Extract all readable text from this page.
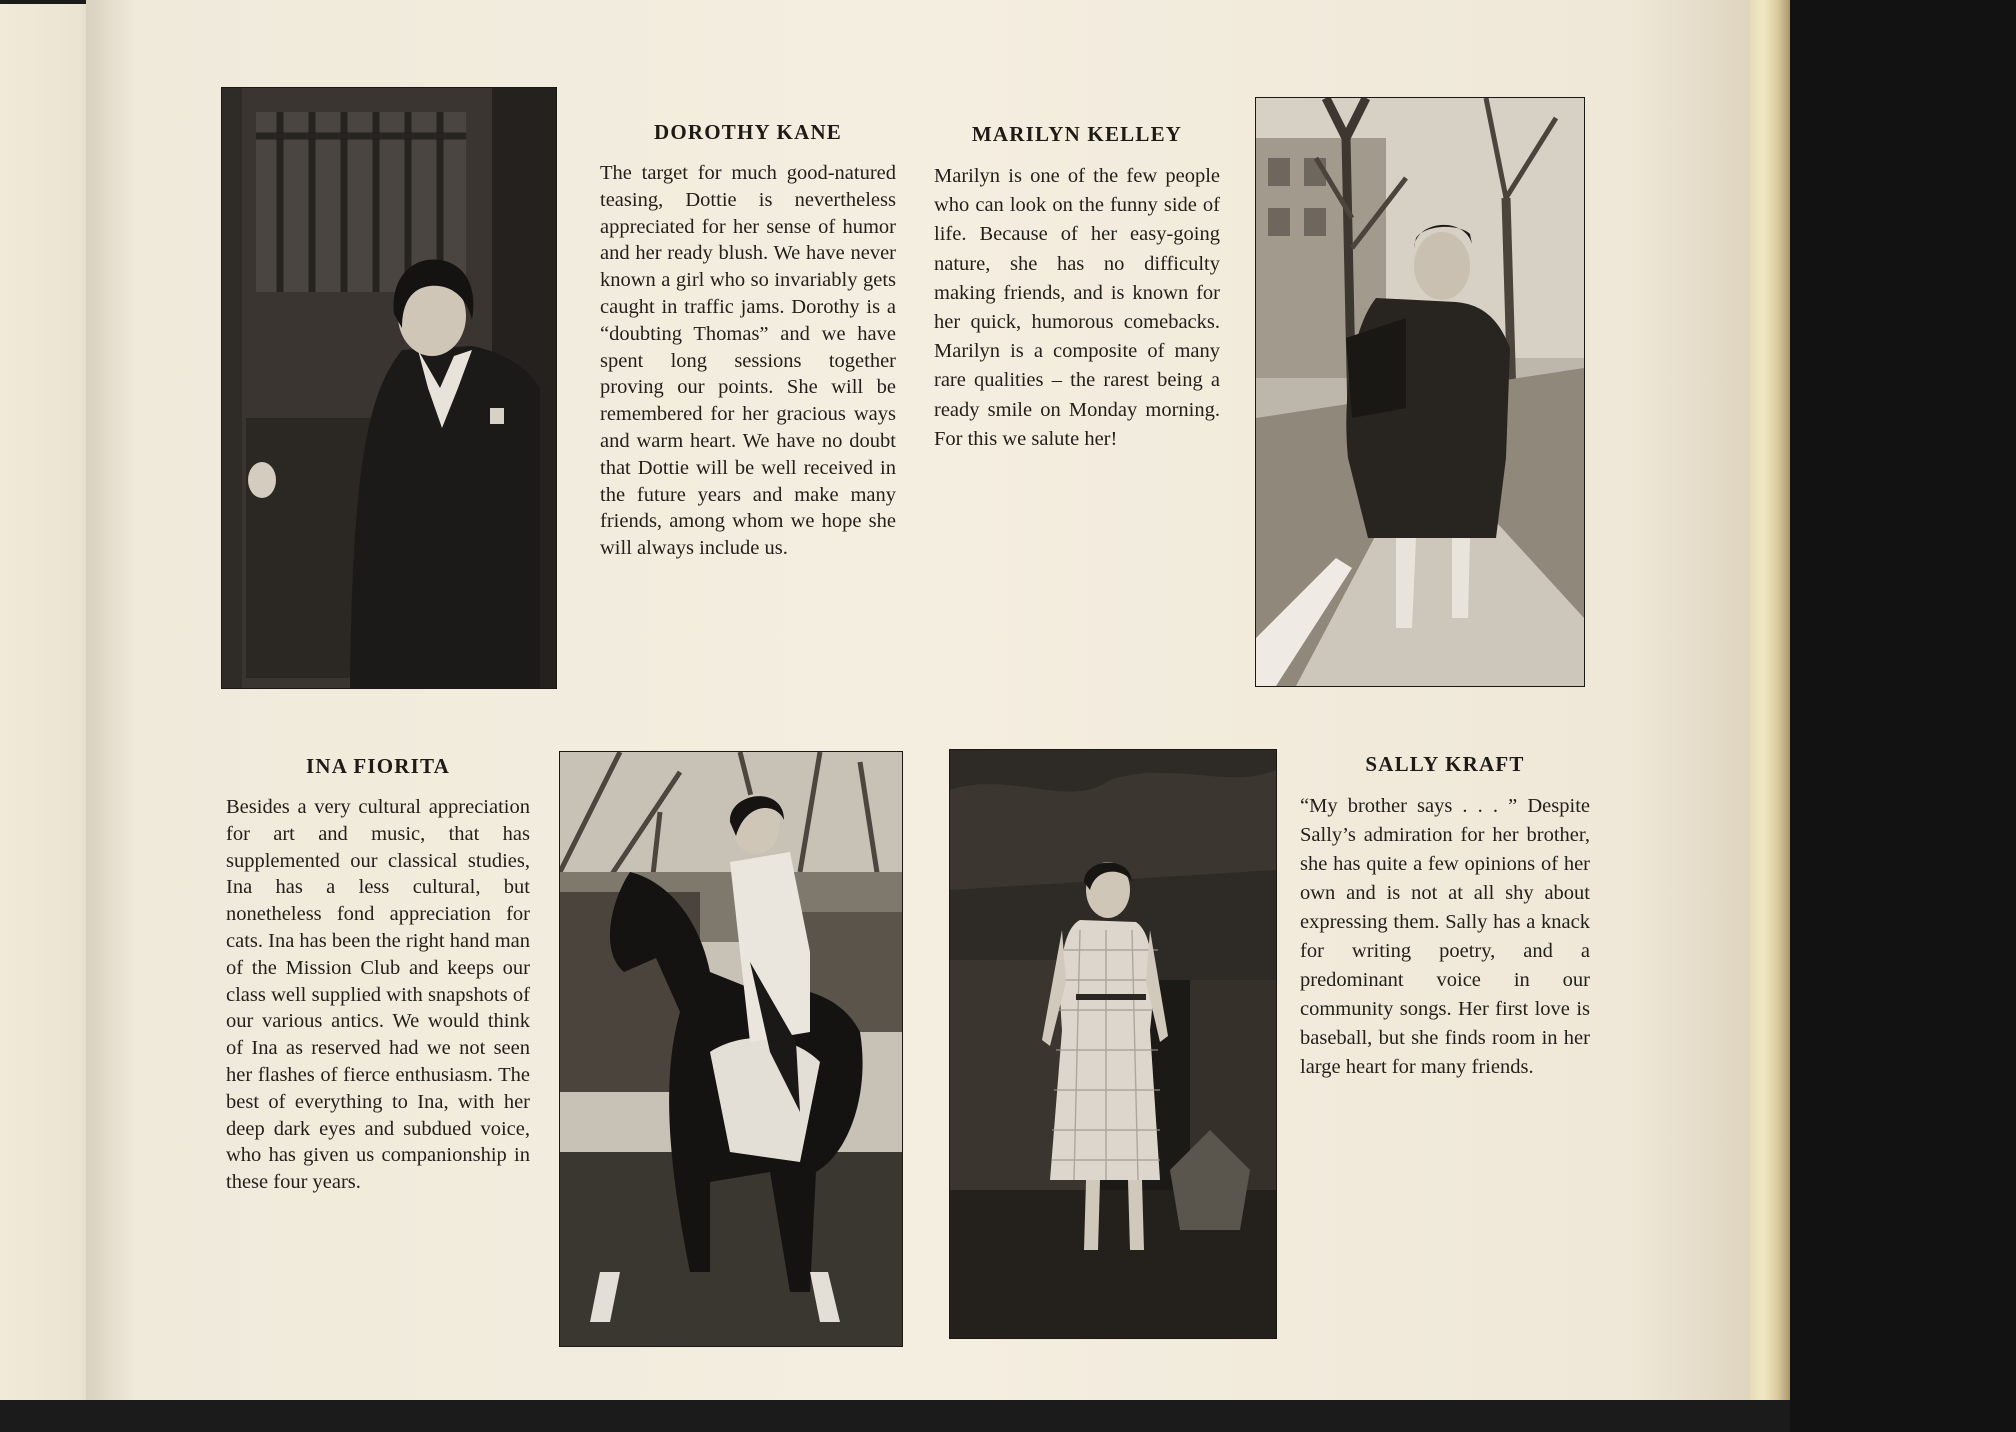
DOROTHY KANE
The target for much good-natured teasing, Dottie is nevertheless appreciated for her sense of humor and her ready blush. We have never known a girl who so invariably gets caught in traffic jams. Dorothy is a “doubting Thomas” and we have spent long sessions together proving our points. She will be remembered for her gracious ways and warm heart. We have no doubt that Dottie will be well received in the future years and make many friends, among whom we hope she will always include us.
MARILYN KELLEY
Marilyn is one of the few people who can look on the funny side of life. Because of her easy-going nature, she has no difficulty making friends, and is known for her quick, humorous comebacks. Marilyn is a composite of many rare qualities – the rarest being a ready smile on Monday morning. For this we salute her!
INA FIORITA
Besides a very cultural appreciation for art and music, that has supplemented our classical studies, Ina has a less cultural, but nonetheless fond appreciation for cats. Ina has been the right hand man of the Mission Club and keeps our class well supplied with snapshots of our various antics. We would think of Ina as reserved had we not seen her flashes of fierce enthusiasm. The best of everything to Ina, with her deep dark eyes and subdued voice, who has given us companionship in these four years.
SALLY KRAFT
“My brother says . . . ” Despite Sally’s admiration for her brother, she has quite a few opinions of her own and is not at all shy about expressing them. Sally has a knack for writing poetry, and a predominant voice in our community songs. Her first love is baseball, but she finds room in her large heart for many friends.
